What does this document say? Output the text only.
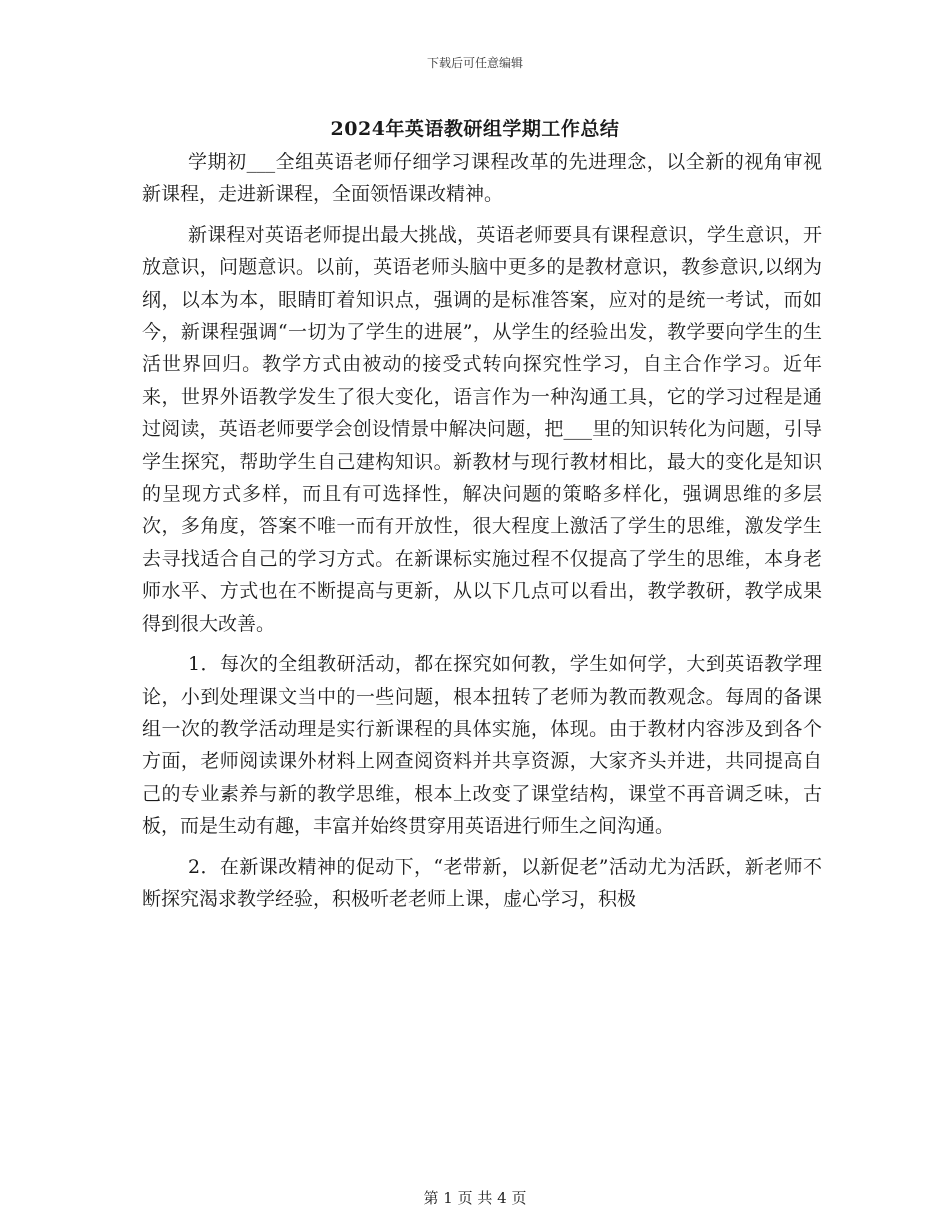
下载后可任意编辑
2024年英语教研组学期工作总结

学期初___全组英语老师仔细学习课程改革的先进理念，以全新的视角审视新课程，走进新课程，全面领悟课改精神。

新课程对英语老师提出最大挑战，英语老师要具有课程意识，学生意识，开放意识，问题意识。以前，英语老师头脑中更多的是教材意识，教参意识,以纲为纲，以本为本，眼睛盯着知识点，强调的是标准答案，应对的是统一考试，而如今，新课程强调“一切为了学生的进展”，从学生的经验出发，教学要向学生的生活世界回归。教学方式由被动的接受式转向探究性学习，自主合作学习。近年来，世界外语教学发生了很大变化，语言作为一种沟通工具，它的学习过程是通过阅读，英语老师要学会创设情景中解决问题，把___里的知识转化为问题，引导学生探究，帮助学生自己建构知识。新教材与现行教材相比，最大的变化是知识的呈现方式多样，而且有可选择性，解决问题的策略多样化，强调思维的多层次，多角度，答案不唯一而有开放性，很大程度上激活了学生的思维，激发学生去寻找适合自己的学习方式。在新课标实施过程不仅提高了学生的思维，本身老师水平、方式也在不断提高与更新，从以下几点可以看出，教学教研，教学成果得到很大改善。

1．每次的全组教研活动，都在探究如何教，学生如何学，大到英语教学理论，小到处理课文当中的一些问题，根本扭转了老师为教而教观念。每周的备课组一次的教学活动理是实行新课程的具体实施，体现。由于教材内容涉及到各个方面，老师阅读课外材料上网查阅资料并共享资源，大家齐头并进，共同提高自己的专业素养与新的教学思维，根本上改变了课堂结构，课堂不再音调乏味，古板，而是生动有趣，丰富并始终贯穿用英语进行师生之间沟通。

2．在新课改精神的促动下，“老带新，以新促老”活动尤为活跃，新老师不断探究渴求教学经验，积极听老老师上课，虚心学习，积极

第 1 页 共 4 页
